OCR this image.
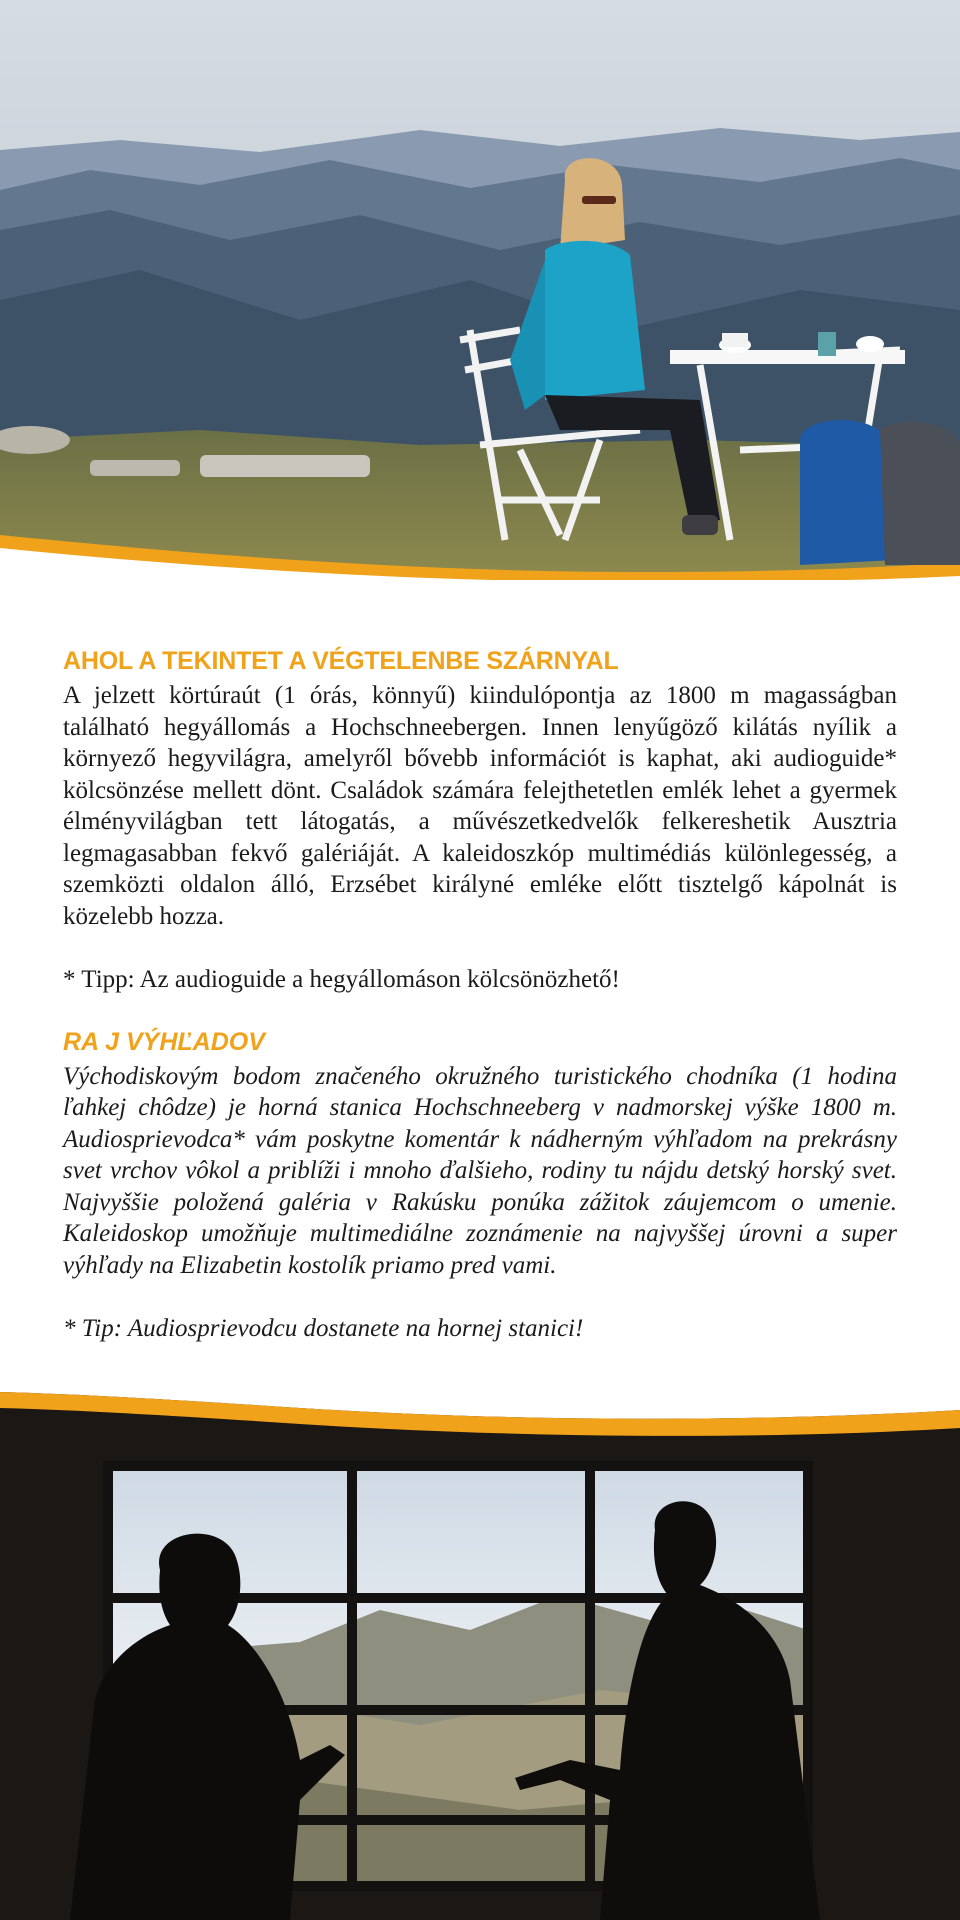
AHOL A TEKINTET A VÉGTELENBE SZÁRNYAL

A jelzett körtúraút (1 órás, könnyű) kiindulópontja az 1800 m magasságban található hegyállomás a Hochschneebergen. Innen lenyűgöző kilátás nyílik a környező hegyvilágra, amelyről bővebb információt is kaphat, aki audioguide* kölcsönzése mellett dönt. Családok számára felejthetetlen emlék lehet a gyermek élményvilágban tett látogatás, a művészetkedvelők felkereshetik Ausztria legmagasabban fekvő galériáját. A kaleidoszkóp multimédiás különlegesség, a szemközti oldalon álló, Erzsébet királyné emléke előtt tisztelgő kápolnát is közelebb hozza.

* Tipp: Az audioguide a hegyállomáson kölcsönözhető!

RA J VÝHĽADOV

Východiskovým bodom značeného okružného turistického chodníka (1 hodina ľahkej chôdze) je horná stanica Hochschneeberg v nadmorskej výške 1800 m. Audiosprievodca* vám poskytne komentár k nádherným výhľadom na prekrásny svet vrchov vôkol a priblíži i mnoho ďalšieho, rodiny tu nájdu detský horský svet. Najvyššie položená galéria v Rakúsku ponúka zážitok záujemcom o umenie. Kaleidoskop umožňuje multimediálne zoznámenie na najvyššej úrovni a super výhľady na Elizabetin kostolík priamo pred vami.

* Tip: Audiosprievodcu dostanete na hornej stanici!
